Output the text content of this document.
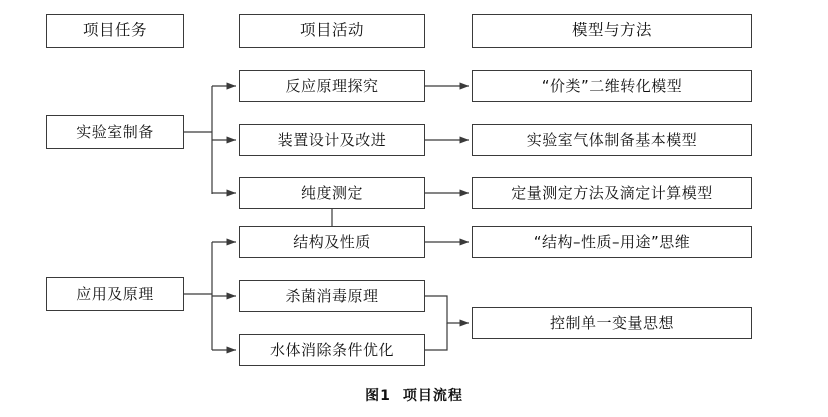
项目任务	项目活动	模型与方法
实验室制备
应用及原理
反应原理探究
装置设计及改进
纯度测定
结构及性质
杀菌消毒原理
水体消除条件优化
“价类”二维转化模型
实验室气体制备基本模型
定量测定方法及滴定计算模型
“结构–性质–用途”思维
控制单一变量思想
图1 项目流程
